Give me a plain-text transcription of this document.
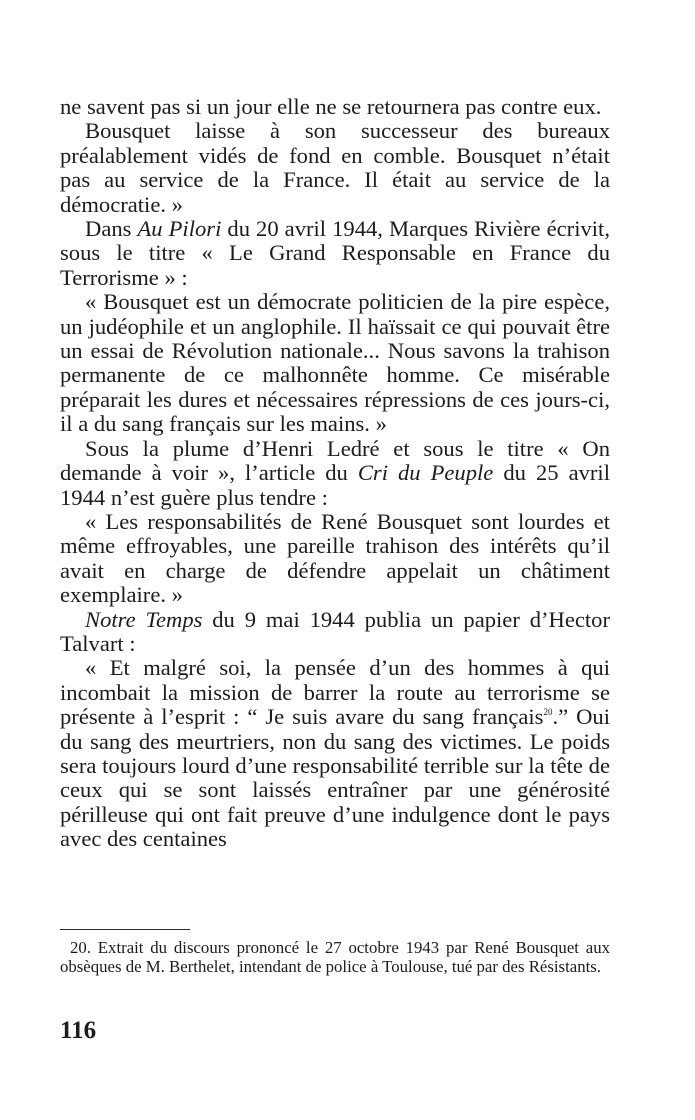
ne savent pas si un jour elle ne se retournera pas contre eux.

Bousquet laisse à son successeur des bureaux préalablement vidés de fond en comble. Bousquet n’était pas au service de la France. Il était au service de la démocratie. »

Dans Au Pilori du 20 avril 1944, Marques Rivière écrivit, sous le titre « Le Grand Responsable en France du Terrorisme » :

« Bousquet est un démocrate politicien de la pire espèce, un judéophile et un anglophile. Il haïssait ce qui pouvait être un essai de Révolution nationale... Nous savons la trahison permanente de ce malhonnête homme. Ce misérable préparait les dures et nécessaires répressions de ces jours-ci, il a du sang français sur les mains. »

Sous la plume d’Henri Ledré et sous le titre « On demande à voir », l’article du Cri du Peuple du 25 avril 1944 n’est guère plus tendre :

« Les responsabilités de René Bousquet sont lourdes et même effroyables, une pareille trahison des intérêts qu’il avait en charge de défendre appelait un châtiment exemplaire. »

Notre Temps du 9 mai 1944 publia un papier d’Hector Talvart :

« Et malgré soi, la pensée d’un des hommes à qui incombait la mission de barrer la route au terrorisme se présente à l’esprit : “ Je suis avare du sang français$^{20}$.” Oui du sang des meurtriers, non du sang des victimes. Le poids sera toujours lourd d’une responsabilité terrible sur la tête de ceux qui se sont laissés entraîner par une générosité périlleuse qui ont fait preuve d’une indulgence dont le pays avec des centaines

20. Extrait du discours prononcé le 27 octobre 1943 par René Bousquet aux obsèques de M. Berthelet, intendant de police à Toulouse, tué par des Résistants.

116
